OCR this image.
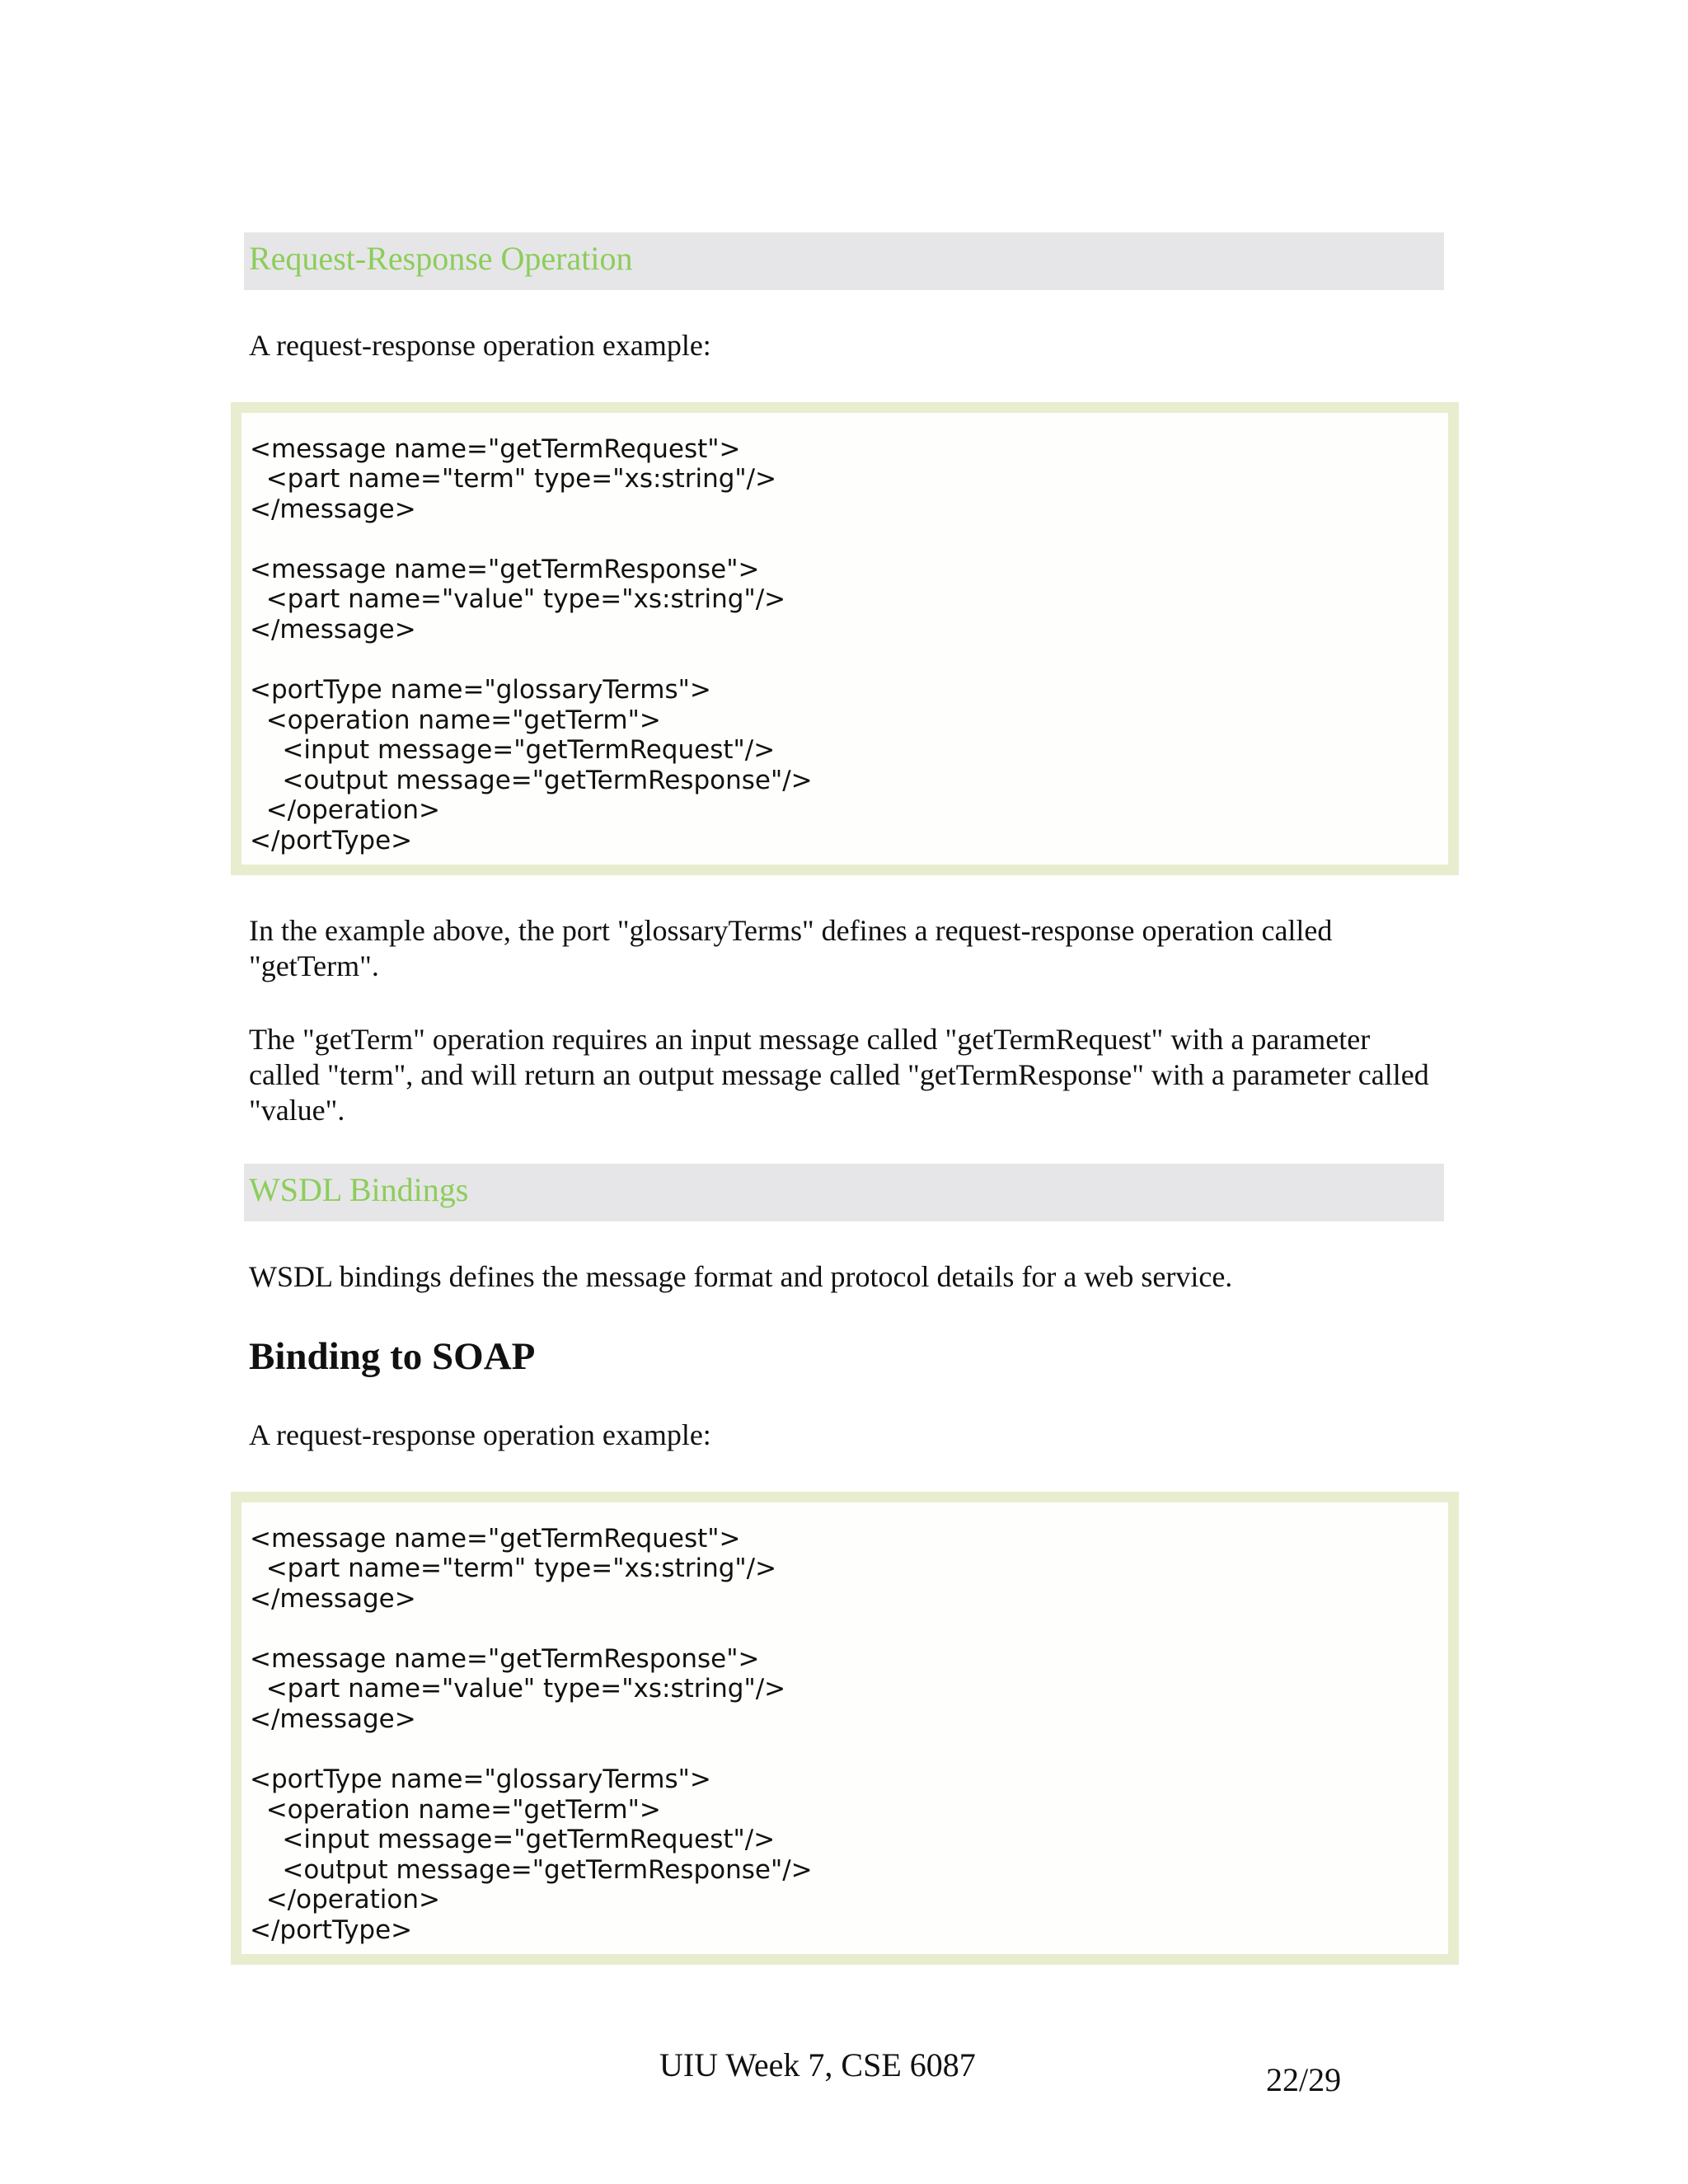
Request-Response Operation

A request-response operation example:

<message name="getTermRequest">
<part name="term" type="xs:string"/>
</message>
<message name="getTermResponse">
<part name="value" type="xs:string"/>
</message>
<portType name="glossaryTerms">
<operation name="getTerm">
<input message="getTermRequest"/>
<output message="getTermResponse"/>
</operation>
</portType>

In the example above, the port "glossaryTerms" defines a request-response operation called "getTerm".

The "getTerm" operation requires an input message called "getTermRequest" with a parameter called "term", and will return an output message called "getTermResponse" with a parameter called "value".

WSDL Bindings

WSDL bindings defines the message format and protocol details for a web service.

Binding to SOAP

A request-response operation example:

<message name="getTermRequest">
<part name="term" type="xs:string"/>
</message>
<message name="getTermResponse">
<part name="value" type="xs:string"/>
</message>
<portType name="glossaryTerms">
<operation name="getTerm">
<input message="getTermRequest"/>
<output message="getTermResponse"/>
</operation>
</portType>
UIU Week 7, CSE 6087	22/29
